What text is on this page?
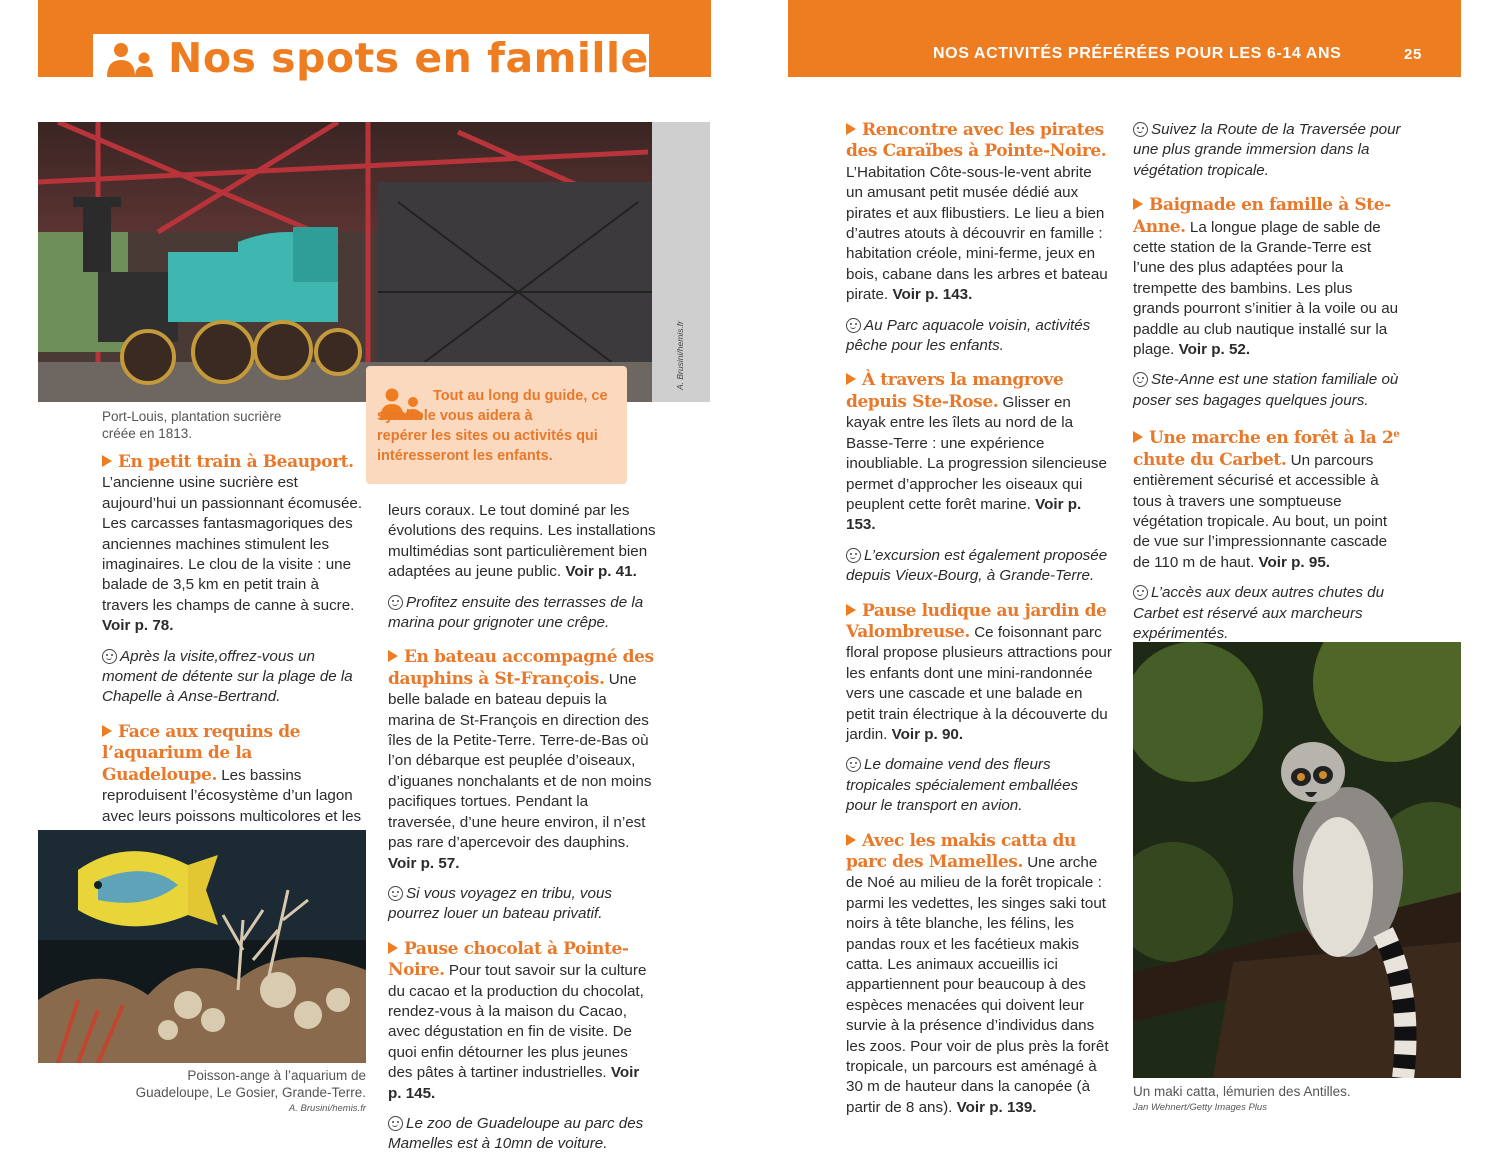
Nos spots en famille	NOS ACTIVITÉS PRÉFÉRÉES POUR LES 6-14 ANS	25
A. Brusini/hemis.fr
Port-Louis, plantation sucrière
créée en 1813.
Tout au long du guide, ce
symbole vous aidera à
repérer les sites ou activités qui
intéresseront les enfants.

En petit train à Beauport. L’ancienne usine sucrière est aujourd’hui un passionnant écomusée. Les carcasses fantasmagoriques des anciennes machines stimulent les imaginaires. Le clou de la visite : une balade de 3,5 km en petit train à travers les champs de canne à sucre. Voir p. 78.

Après la visite,offrez-vous un moment de détente sur la plage de la Chapelle à Anse-Bertrand.

Face aux requins de l’aquarium de la Guadeloupe. Les bassins reproduisent l’écosystème d’un lagon avec leurs poissons multicolores et les

Poisson-ange à l’aquarium de
Guadeloupe, Le Gosier, Grande-Terre.
A. Brusini/hemis.fr

leurs coraux. Le tout dominé par les évolutions des requins. Les installations multimédias sont particulièrement bien adaptées au jeune public. Voir p. 41.

Profitez ensuite des terrasses de la marina pour grignoter une crêpe.

En bateau accompagné des dauphins à St-François. Une belle balade en bateau depuis la marina de St-François en direction des îles de la Petite-Terre. Terre-de-Bas où l’on débarque est peuplée d’oiseaux, d’iguanes nonchalants et de non moins pacifiques tortues. Pendant la traversée, d’une heure environ, il n’est pas rare d’apercevoir des dauphins. Voir p. 57.

Si vous voyagez en tribu, vous pourrez louer un bateau privatif.

Pause chocolat à Pointe-Noire. Pour tout savoir sur la culture du cacao et la production du chocolat, rendez-vous à la maison du Cacao, avec dégustation en fin de visite. De quoi enfin détourner les plus jeunes des pâtes à tartiner industrielles. Voir p. 145.

Le zoo de Guadeloupe au parc des Mamelles est à 10mn de voiture.

Rencontre avec les pirates des Caraïbes à Pointe-Noire. L’Habitation Côte-sous-le-vent abrite un amusant petit musée dédié aux pirates et aux flibustiers. Le lieu a bien d’autres atouts à découvrir en famille : habitation créole, mini-ferme, jeux en bois, cabane dans les arbres et bateau pirate. Voir p. 143.

Au Parc aquacole voisin, activités pêche pour les enfants.

À travers la mangrove depuis Ste-Rose. Glisser en kayak entre les îlets au nord de la Basse-Terre : une expérience inoubliable. La progression silencieuse permet d’approcher les oiseaux qui peuplent cette forêt marine. Voir p. 153.

L’excursion est également proposée depuis Vieux-Bourg, à Grande-Terre.

Pause ludique au jardin de Valombreuse. Ce foisonnant parc floral propose plusieurs attractions pour les enfants dont une mini-randonnée vers une cascade et une balade en petit train électrique à la découverte du jardin. Voir p. 90.

Le domaine vend des fleurs tropicales spécialement emballées pour le transport en avion.

Avec les makis catta du parc des Mamelles. Une arche de Noé au milieu de la forêt tropicale : parmi les vedettes, les singes saki tout noirs à tête blanche, les félins, les pandas roux et les facétieux makis catta. Les animaux accueillis ici appartiennent pour beaucoup à des espèces menacées qui doivent leur survie à la présence d’individus dans les zoos. Pour voir de plus près la forêt tropicale, un parcours est aménagé à 30 m de hauteur dans la canopée (à partir de 8 ans). Voir p. 139.

Suivez la Route de la Traversée pour une plus grande immersion dans la végétation tropicale.

Baignade en famille à Ste-Anne. La longue plage de sable de cette station de la Grande-Terre est l’une des plus adaptées pour la trempette des bambins. Les plus grands pourront s’initier à la voile ou au paddle au club nautique installé sur la plage. Voir p. 52.

Ste-Anne est une station familiale où poser ses bagages quelques jours.

Une marche en forêt à la 2e chute du Carbet. Un parcours entièrement sécurisé et accessible à tous à travers une somptueuse végétation tropicale. Au bout, un point de vue sur l’impressionnante cascade de 110 m de haut. Voir p. 95.

L’accès aux deux autres chutes du Carbet est réservé aux marcheurs expérimentés.

Un maki catta, lémurien des Antilles.
Jan Wehnert/Getty Images Plus
